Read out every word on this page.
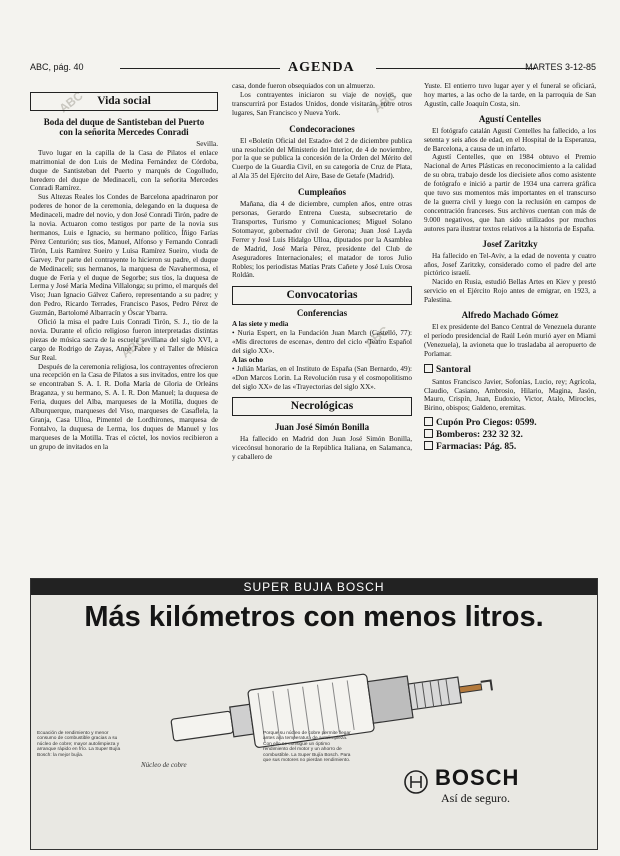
ABC	ABC
ABC	ABC
ABC, pág. 40	AGENDA	MARTES 3-12-85
Vida social
Boda del duque de Santisteban del Puerto
con la señorita Mercedes Conradi
Sevilla.

Tuvo lugar en la capilla de la Casa de Pilatos el enlace matrimonial de don Luis de Medina Fernández de Córdoba, duque de Santisteban del Puerto y marqués de Cogolludo, heredero del duque de Medinaceli, con la señorita Mercedes Conradi Ramírez.

Sus Altezas Reales los Condes de Barcelona apadrinaron por poderes de honor de la ceremonia, delegando en la duquesa de Medinaceli, madre del novio, y don José Conradi Tirón, padre de la novia. Actuaron como testigos por parte de la novia sus hermanos, Luis e Ignacio, su hermano político, Íñigo Farías Pérez Centurión; sus tíos, Manuel, Alfonso y Fernando Conradi Tirón, Luis Ramírez Sueiro y Luisa Ramírez Sueiro, viuda de Garvey. Por parte del contrayente lo hicieron su padre, el duque de Medinaceli; sus hermanos, la marquesa de Navahermosa, el duque de Feria y el duque de Segorbe; sus tíos, la duquesa de Lerma y José María Medina Villalonga; su primo, el marqués del Viso; Juan Ignacio Gálvez Cañero, representando a su padre; y don Pedro, Ricardo Terrades, Francisco Pasos, Pedro Pérez de Guzmán, Bartolomé Albarracín y Óscar Ybarra.

Ofició la misa el padre Luis Conradi Tirón, S. J., tío de la novia. Durante el oficio religioso fueron interpretadas distintas piezas de música sacra de la escuela sevillana del siglo XVI, a cargo de Rodrigo de Zayas, Anne Fabre y el Taller de Música Sur Real.

Después de la ceremonia religiosa, los contrayentes ofrecieron una recepción en la Casa de Pilatos a sus invitados, entre los que se encontraban S. A. I. R. Doña María de Gloria de Orleáns Braganza, y su hermano, S. A. I. R. Don Manuel; la duquesa de Feria, duques del Alba, marqueses de la Motilla, duques de Alburquerque, marqueses del Viso, marqueses de Casaflela, la Granja, Casa Ulloa, Pimentel de Lordhirones, marquesa de Fontalvo, la duquesa de Lerma, los duques de Manuel y los marqueses de la Motilla. Tras el cóctel, los novios recibieron a un grupo de invitados en la

casa, donde fueron obsequiados con un almuerzo.

Los contrayentes iniciaron su viaje de novios, que transcurrirá por Estados Unidos, donde visitarán, entre otros lugares, San Francisco y Nueva York.

Condecoraciones

El «Boletín Oficial del Estado» del 2 de diciembre publica una resolución del Ministerio del Interior, de 4 de noviembre, por la que se publica la concesión de la Orden del Mérito del Cuerpo de la Guardia Civil, en su categoría de Cruz de Plata, al Ala 35 del Ejército del Aire, Base de Getafe (Madrid).

Cumpleaños

Mañana, día 4 de diciembre, cumplen años, entre otras personas, Gerardo Entrena Cuesta, subsecretario de Transportes, Turismo y Comunicaciones; Miguel Solano Sotomayor, gobernador civil de Gerona; Juan José Layda Ferrer y José Luis Hidalgo Ulloa, diputados por la Asamblea de Madrid, José María Pérez, presidente del Club de Aseguradores Internacionales; el matador de toros Julio Robles; los periodistas Matías Prats Cañete y José Luis Orosa Roldán.

Convocatorias
Conferencias
A las siete y media
• Nuria Espert, en la Fundación Juan March (Castelló, 77): «Mis directores de escena», dentro del ciclo «Teatro Español del siglo XX».
A las ocho
• Julián Marías, en el Instituto de España (San Bernardo, 49): «Don Marcos Lorin. La Revolución rusa y el cosmopolitismo del siglo XX» de las «Trayectorias del siglo XX».
Necrológicas
Juan José Simón Bonilla

Ha fallecido en Madrid don Juan José Simón Bonilla, vicecónsul honorario de la República Italiana, en Salamanca, y caballero de

Yuste. El entierro tuvo lugar ayer y el funeral se oficiará, hoy martes, a las ocho de la tarde, en la parroquia de San Agustín, calle Joaquín Costa, sin.

Agustí Centelles

El fotógrafo catalán Agustí Centelles ha fallecido, a los setenta y seis años de edad, en el Hospital de la Esperanza, de Barcelona, a causa de un infarto.

Agustí Centelles, que en 1984 obtuvo el Premio Nacional de Artes Plásticas en reconocimiento a la calidad de su obra, trabajo desde los diecisiete años como asistente de fotógrafo e inició a partir de 1934 una carrera gráfica que tuvo sus momentos más importantes en el transcurso de la guerra civil y luego con la reclusión en campos de concentración franceses. Sus archivos cuentan con más de 9.000 negativos, que han sido utilizados por muchos autores para ilustrar textos relativos a la historia de España.

Josef Zaritzky

Ha fallecido en Tel-Aviv, a la edad de noventa y cuatro años, Josef Zaritzky, considerado como el padre del arte pictórico israelí.

Nacido en Rusia, estudió Bellas Artes en Kiev y prestó servicio en el Ejército Rojo antes de emigrar, en 1923, a Palestina.

Alfredo Machado Gómez

El ex presidente del Banco Central de Venezuela durante el período presidencial de Raúl León murió ayer en Miami (Venezuela), la avioneta que lo trasladaba al aeropuerto de Porlamar.

Santoral

Santos Francisco Javier, Sofonías, Lucio, rey; Agrícola, Claudio, Casiano, Ambrosio, Hilario, Magina, Jasón, Mauro, Crispín, Juan, Eudoxio, Victor, Atalo, Mirocles, Birino, obispos; Galdeno, eremitas.

Cupón Pro Ciegos: 0599.
Bomberos: 232 32 32.
Farmacias: Pág. 85.
SUPER BUJIA BOSCH
Más kilómetros con menos litros.
Núcleo de cobre
Ecuación de rendimiento y menor consumo de combustible gracias a su núcleo de cobre; mayor autolimpieza y arranque rápido en frío. La Super Bujía Bosch: la mejor bujía.
Porque su núcleo de cobre permite llegar antes a la temperatura de autolimpieza. Con ello se consigue un óptimo rendimiento del motor y un ahorro de combustible. La Super Bujía Bosch. Para que sus motores no pierdan rendimiento.
BOSCH
Así de seguro.
